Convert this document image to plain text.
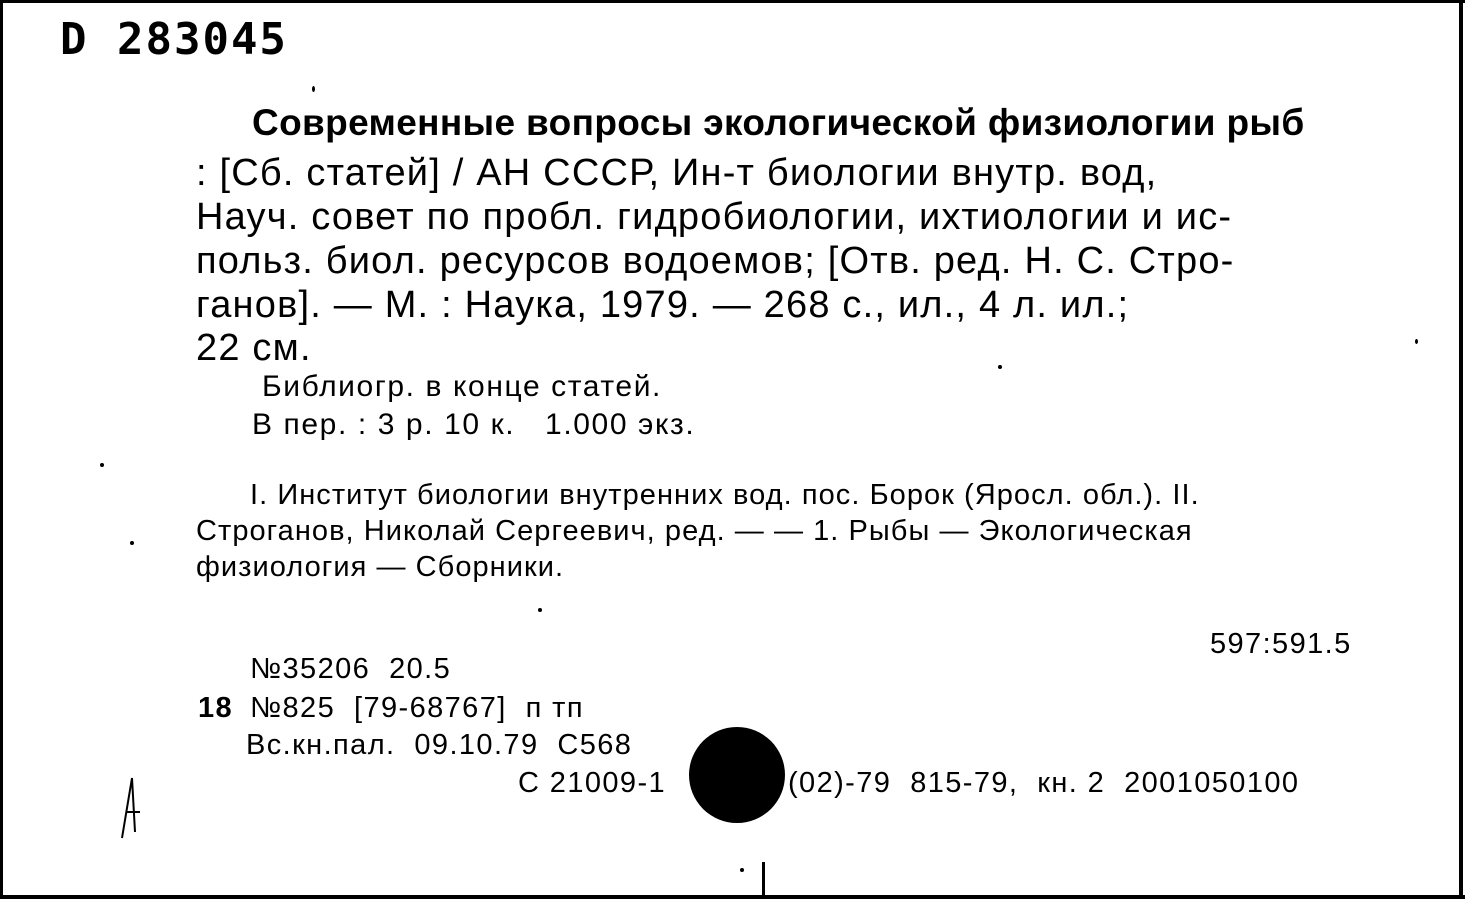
D 283045
Современные вопросы экологической физиологии рыб
: [Сб. статей] / АН СССР, Ин-т биологии внутр. вод,
Науч. совет по пробл. гидробиологии, ихтиологии и ис-
польз. биол. ресурсов водоемов; [Отв. ред. Н. С. Стро-
ганов]. — М. : Наука, 1979. — 268 с., ил., 4 л. ил.;
22 см.
Библиогр. в конце статей.
В пер. : 3 р. 10 к.   1.000 экз.
I. Институт биологии внутренних вод. пос. Борок (Яросл. обл.). II.
Строганов, Николай Сергеевич, ред. — — 1. Рыбы — Экологическая
физиология — Сборники.
597:591.5
№35206  20.5
18 №825  [79-68767]  п тп
Вс.кн.пал.  09.10.79  С568
С 21009-1	(02)-79  815-79,  кн. 2  2001050100
